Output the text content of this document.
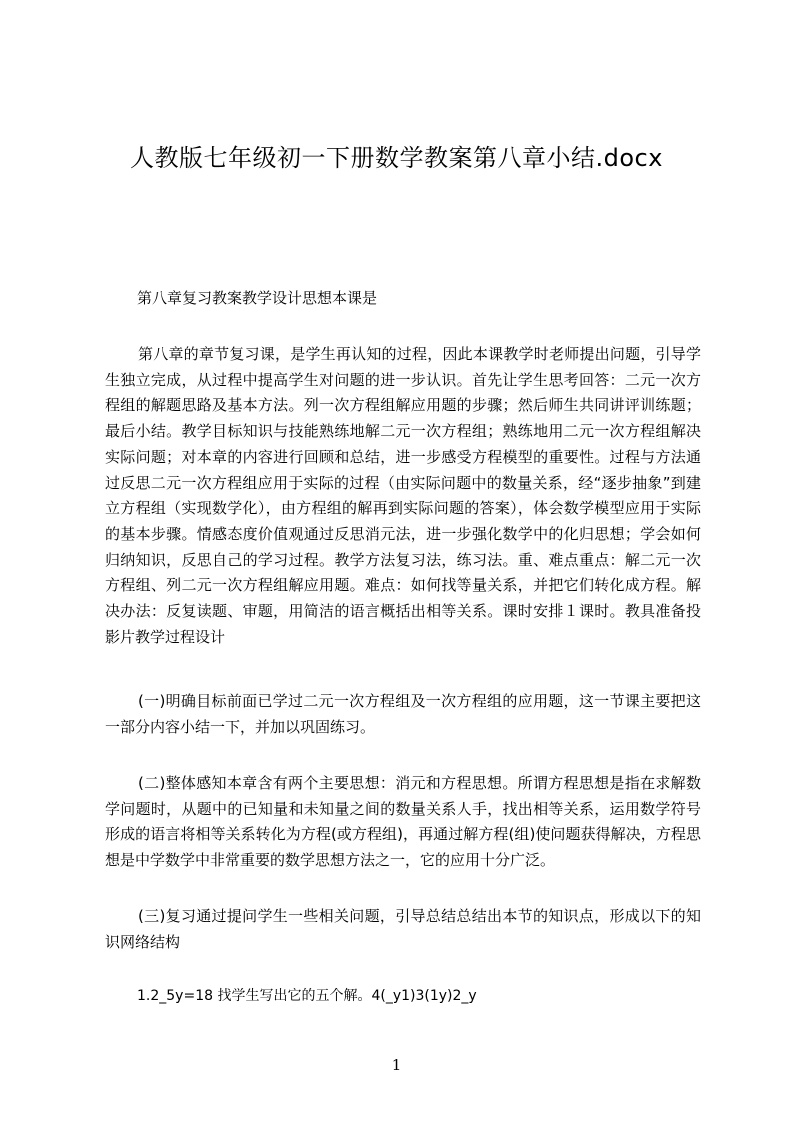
人教版七年级初一下册数学教案第八章小结.docx
第八章复习教案教学设计思想本课是
第八章的章节复习课，是学生再认知的过程，因此本课教学时老师提出问题，引导学生独立完成，从过程中提高学生对问题的进一步认识。首先让学生思考回答：二元一次方程组的解题思路及基本方法。列一次方程组解应用题的步骤；然后师生共同讲评训练题；最后小结。教学目标知识与技能熟练地解二元一次方程组；熟练地用二元一次方程组解决实际问题；对本章的内容进行回顾和总结，进一步感受方程模型的重要性。过程与方法通过反思二元一次方程组应用于实际的过程（由实际问题中的数量关系，经“逐步抽象”到建立方程组（实现数学化），由方程组的解再到实际问题的答案），体会数学模型应用于实际的基本步骤。情感态度价值观通过反思消元法，进一步强化数学中的化归思想；学会如何归纳知识，反思自己的学习过程。教学方法复习法，练习法。重、难点重点：解二元一次方程组、列二元一次方程组解应用题。难点：如何找等量关系，并把它们转化成方程。解决办法：反复读题、审题，用简洁的语言概括出相等关系。课时安排１课时。教具准备投影片教学过程设计
(一)明确目标前面已学过二元一次方程组及一次方程组的应用题，这一节课主要把这一部分内容小结一下，并加以巩固练习。
(二)整体感知本章含有两个主要思想：消元和方程思想。所谓方程思想是指在求解数学问题时，从题中的已知量和未知量之间的数量关系人手，找出相等关系，运用数学符号形成的语言将相等关系转化为方程(或方程组)，再通过解方程(组)使问题获得解决，方程思想是中学数学中非常重要的数学思想方法之一，它的应用十分广泛。
(三)复习通过提问学生一些相关问题，引导总结总结出本节的知识点，形成以下的知识网络结构
1.2_5y=18 找学生写出它的五个解。4(_y1)3(1y)2_y
1
